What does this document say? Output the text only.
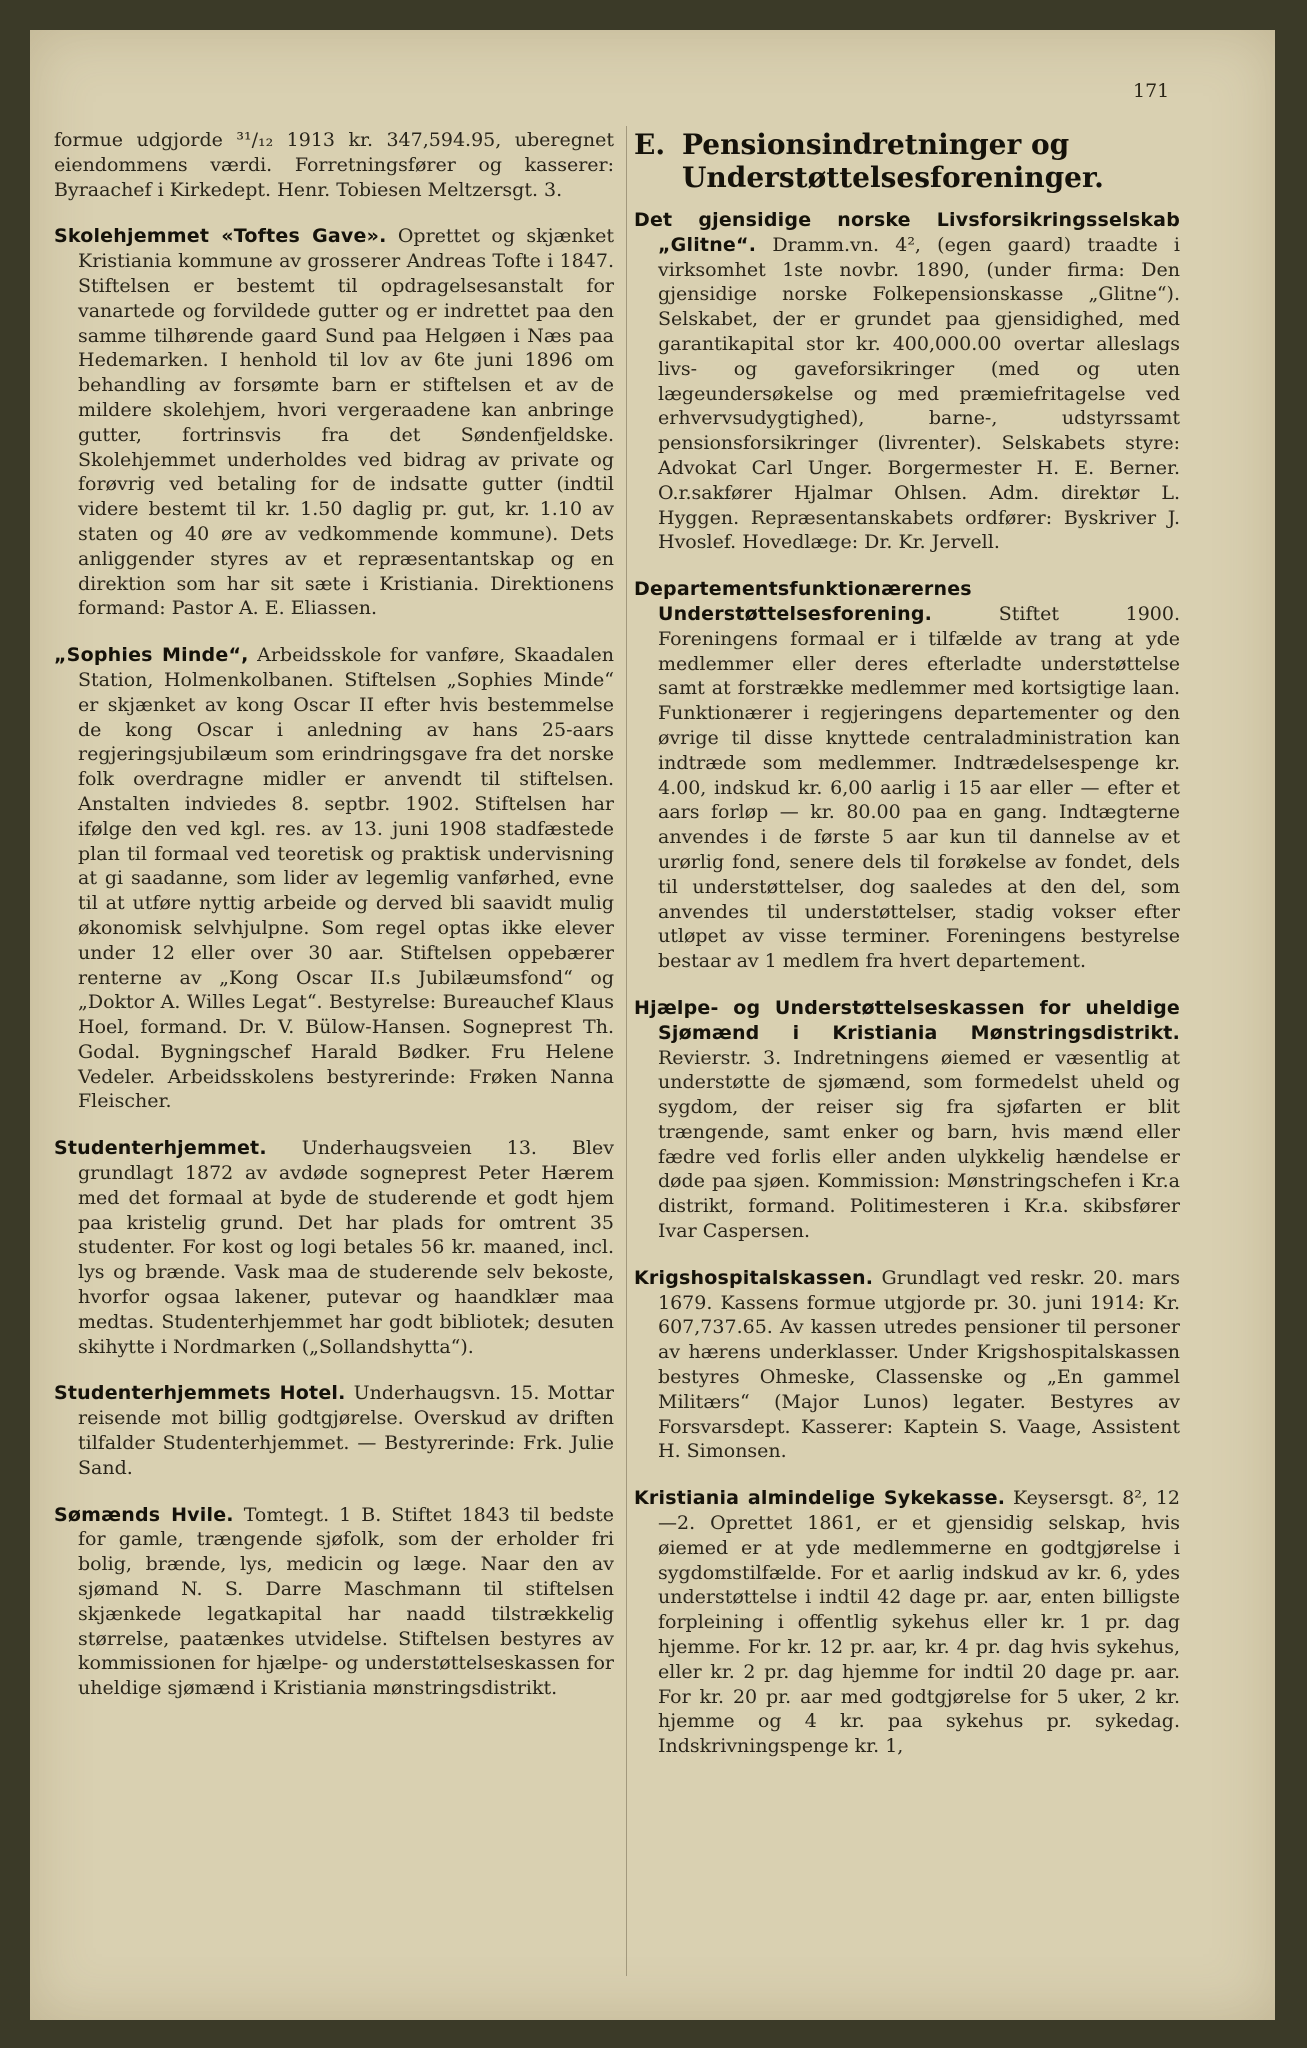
171

formue udgjorde ³¹/₁₂ 1913 kr. 347,594.95, uberegnet eiendommens værdi. Forretningsfører og kasserer: Byraachef i Kirkedept. Henr. Tobiesen Meltzersgt. 3.

Skolehjemmet «Toftes Gave». Oprettet og skjænket Kristiania kommune av grosserer Andreas Tofte i 1847. Stiftelsen er bestemt til opdragelsesanstalt for vanartede og forvildede gutter og er indrettet paa den samme tilhørende gaard Sund paa Helgøen i Næs paa Hedemarken. I henhold til lov av 6te juni 1896 om behandling av forsømte barn er stiftelsen et av de mildere skolehjem, hvori vergeraadene kan anbringe gutter, fortrinsvis fra det Søndenfjeldske. Skolehjemmet underholdes ved bidrag av private og forøvrig ved betaling for de indsatte gutter (indtil videre bestemt til kr. 1.50 daglig pr. gut, kr. 1.10 av staten og 40 øre av vedkommende kommune). Dets anliggender styres av et repræsentantskap og en direktion som har sit sæte i Kristiania. Direktionens formand: Pastor A. E. Eliassen.

„Sophies Minde“, Arbeidsskole for vanføre, Skaadalen Station, Holmenkolbanen. Stiftelsen „Sophies Minde“ er skjænket av kong Oscar II efter hvis bestemmelse de kong Oscar i anledning av hans 25-aars regjeringsjubilæum som erindringsgave fra det norske folk overdragne midler er anvendt til stiftelsen. Anstalten indviedes 8. septbr. 1902. Stiftelsen har ifølge den ved kgl. res. av 13. juni 1908 stadfæstede plan til formaal ved teoretisk og praktisk undervisning at gi saadanne, som lider av legemlig vanførhed, evne til at utføre nyttig arbeide og derved bli saavidt mulig økonomisk selvhjulpne. Som regel optas ikke elever under 12 eller over 30 aar. Stiftelsen oppebærer renterne av „Kong Oscar II.s Jubilæumsfond“ og „Doktor A. Willes Legat“. Bestyrelse: Bureauchef Klaus Hoel, formand. Dr. V. Bülow-Hansen. Sogneprest Th. Godal. Bygningschef Harald Bødker. Fru Helene Vedeler. Arbeidsskolens bestyrerinde: Frøken Nanna Fleischer.

Studenterhjemmet. Underhaugsveien 13. Blev grundlagt 1872 av avdøde sogneprest Peter Hærem med det formaal at byde de studerende et godt hjem paa kristelig grund. Det har plads for omtrent 35 studenter. For kost og logi betales 56 kr. maaned, incl. lys og brænde. Vask maa de studerende selv bekoste, hvorfor ogsaa lakener, putevar og haandklær maa medtas. Studenterhjemmet har godt bibliotek; desuten skihytte i Nordmarken („Sollandshytta“).

Studenterhjemmets Hotel. Underhaugsvn. 15. Mottar reisende mot billig godtgjørelse. Overskud av driften tilfalder Studenterhjemmet. — Bestyrerinde: Frk. Julie Sand.

Sømænds Hvile. Tomtegt. 1 B. Stiftet 1843 til bedste for gamle, trængende sjøfolk, som der erholder fri bolig, brænde, lys, medicin og læge. Naar den av sjømand N. S. Darre Maschmann til stiftelsen skjænkede legatkapital har naadd tilstrækkelig størrelse, paatænkes utvidelse. Stiftelsen bestyres av kommissionen for hjælpe- og understøttelseskassen for uheldige sjømænd i Kristiania mønstringsdistrikt.

E. Pensionsindretninger og Understøttelsesforeninger.

Det gjensidige norske Livsforsikringsselskab „Glitne“. Dramm.vn. 4², (egen gaard) traadte i virksomhet 1ste novbr. 1890, (under firma: Den gjensidige norske Folkepensionskasse „Glitne“). Selskabet, der er grundet paa gjensidighed, med garantikapital stor kr. 400,000.00 overtar alleslags livs- og gaveforsikringer (med og uten lægeundersøkelse og med præmiefritagelse ved erhvervsudygtighed), barne-, udstyrssamt pensionsforsikringer (livrenter). Selskabets styre: Advokat Carl Unger. Borgermester H. E. Berner. O.r.sakfører Hjalmar Ohlsen. Adm. direktør L. Hyggen. Repræsentanskabets ordfører: Byskriver J. Hvoslef. Hovedlæge: Dr. Kr. Jervell.

Departementsfunktionærernes Understøttelsesforening.	Stiftet 1900. Foreningens formaal er i tilfælde av trang at yde medlemmer eller deres efterladte understøttelse samt at forstrække medlemmer med kortsigtige laan. Funktionærer i regjeringens departementer og den øvrige til disse knyttede centraladministration kan indtræde som medlemmer. Indtrædelsespenge kr. 4.00, indskud kr. 6,00 aarlig i 15 aar eller — efter et aars forløp — kr. 80.00 paa en gang. Indtægterne anvendes i de første 5 aar kun til dannelse av et urørlig fond, senere dels til forøkelse av fondet, dels til understøttelser, dog saaledes at den del, som anvendes til understøttelser, stadig vokser efter utløpet av visse terminer. Foreningens bestyrelse bestaar av 1 medlem fra hvert departement.

Hjælpe- og Understøttelseskassen for uheldige Sjømænd i Kristiania Mønstringsdistrikt. Revierstr. 3. Indretningens øiemed er væsentlig at understøtte de sjømænd, som formedelst uheld og sygdom, der reiser sig fra sjøfarten er blit trængende, samt enker og barn, hvis mænd eller fædre ved forlis eller anden ulykkelig hændelse er døde paa sjøen. Kommission: Mønstringschefen i Kr.a distrikt, formand. Politimesteren i Kr.a. skibsfører Ivar Caspersen.

Krigshospitalskassen. Grundlagt ved reskr. 20. mars 1679. Kassens formue utgjorde pr. 30. juni 1914: Kr. 607,737.65. Av kassen utredes pensioner til personer av hærens underklasser. Under Krigshospitalskassen bestyres Ohmeske, Classenske og „En gammel Militærs“ (Major Lunos) legater. Bestyres av Forsvarsdept. Kasserer: Kaptein S. Vaage, Assistent H. Simonsen.

Kristiania almindelige Sykekasse. Keysersgt. 8², 12—2. Oprettet 1861, er et gjensidig selskap, hvis øiemed er at yde medlemmerne en godtgjørelse i sygdomstilfælde. For et aarlig indskud av kr. 6, ydes understøttelse i indtil 42 dage pr. aar, enten billigste forpleining i offentlig sykehus eller kr. 1 pr. dag hjemme. For kr. 12 pr. aar, kr. 4 pr. dag hvis sykehus, eller kr. 2 pr. dag hjemme for indtil 20 dage pr. aar. For kr. 20 pr. aar med godtgjørelse for 5 uker, 2 kr. hjemme og 4 kr. paa sykehus pr. sykedag. Indskrivningspenge kr. 1,
